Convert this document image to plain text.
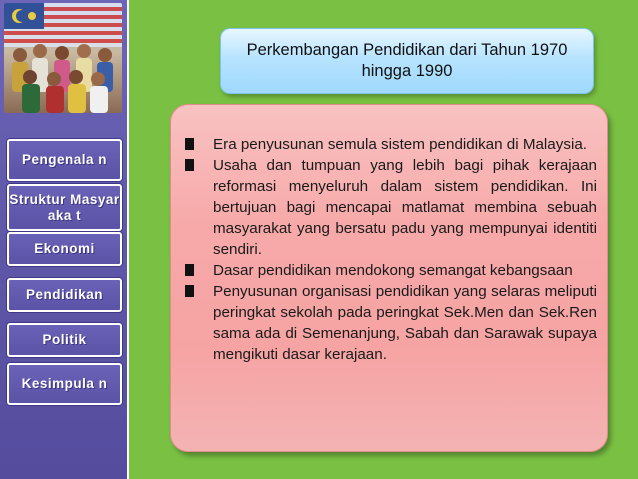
Pengenala n
Struktur Masyaraka t
Ekonomi
Pendidikan
Politik
Kesimpula n
Perkembangan Pendidikan dari Tahun 1970
hingga 1990
Era penyusunan semula sistem pendidikan di Malaysia.
Usaha dan tumpuan yang lebih bagi pihak kerajaan reformasi menyeluruh dalam sistem pendidikan. Ini bertujuan bagi mencapai matlamat membina sebuah masyarakat yang bersatu padu yang mempunyai identiti sendiri.
Dasar pendidikan mendokong semangat kebangsaan
Penyusunan organisasi pendidikan yang selaras meliputi peringkat sekolah pada peringkat Sek.Men dan Sek.Ren sama ada di Semenanjung, Sabah dan Sarawak supaya mengikuti dasar kerajaan.
